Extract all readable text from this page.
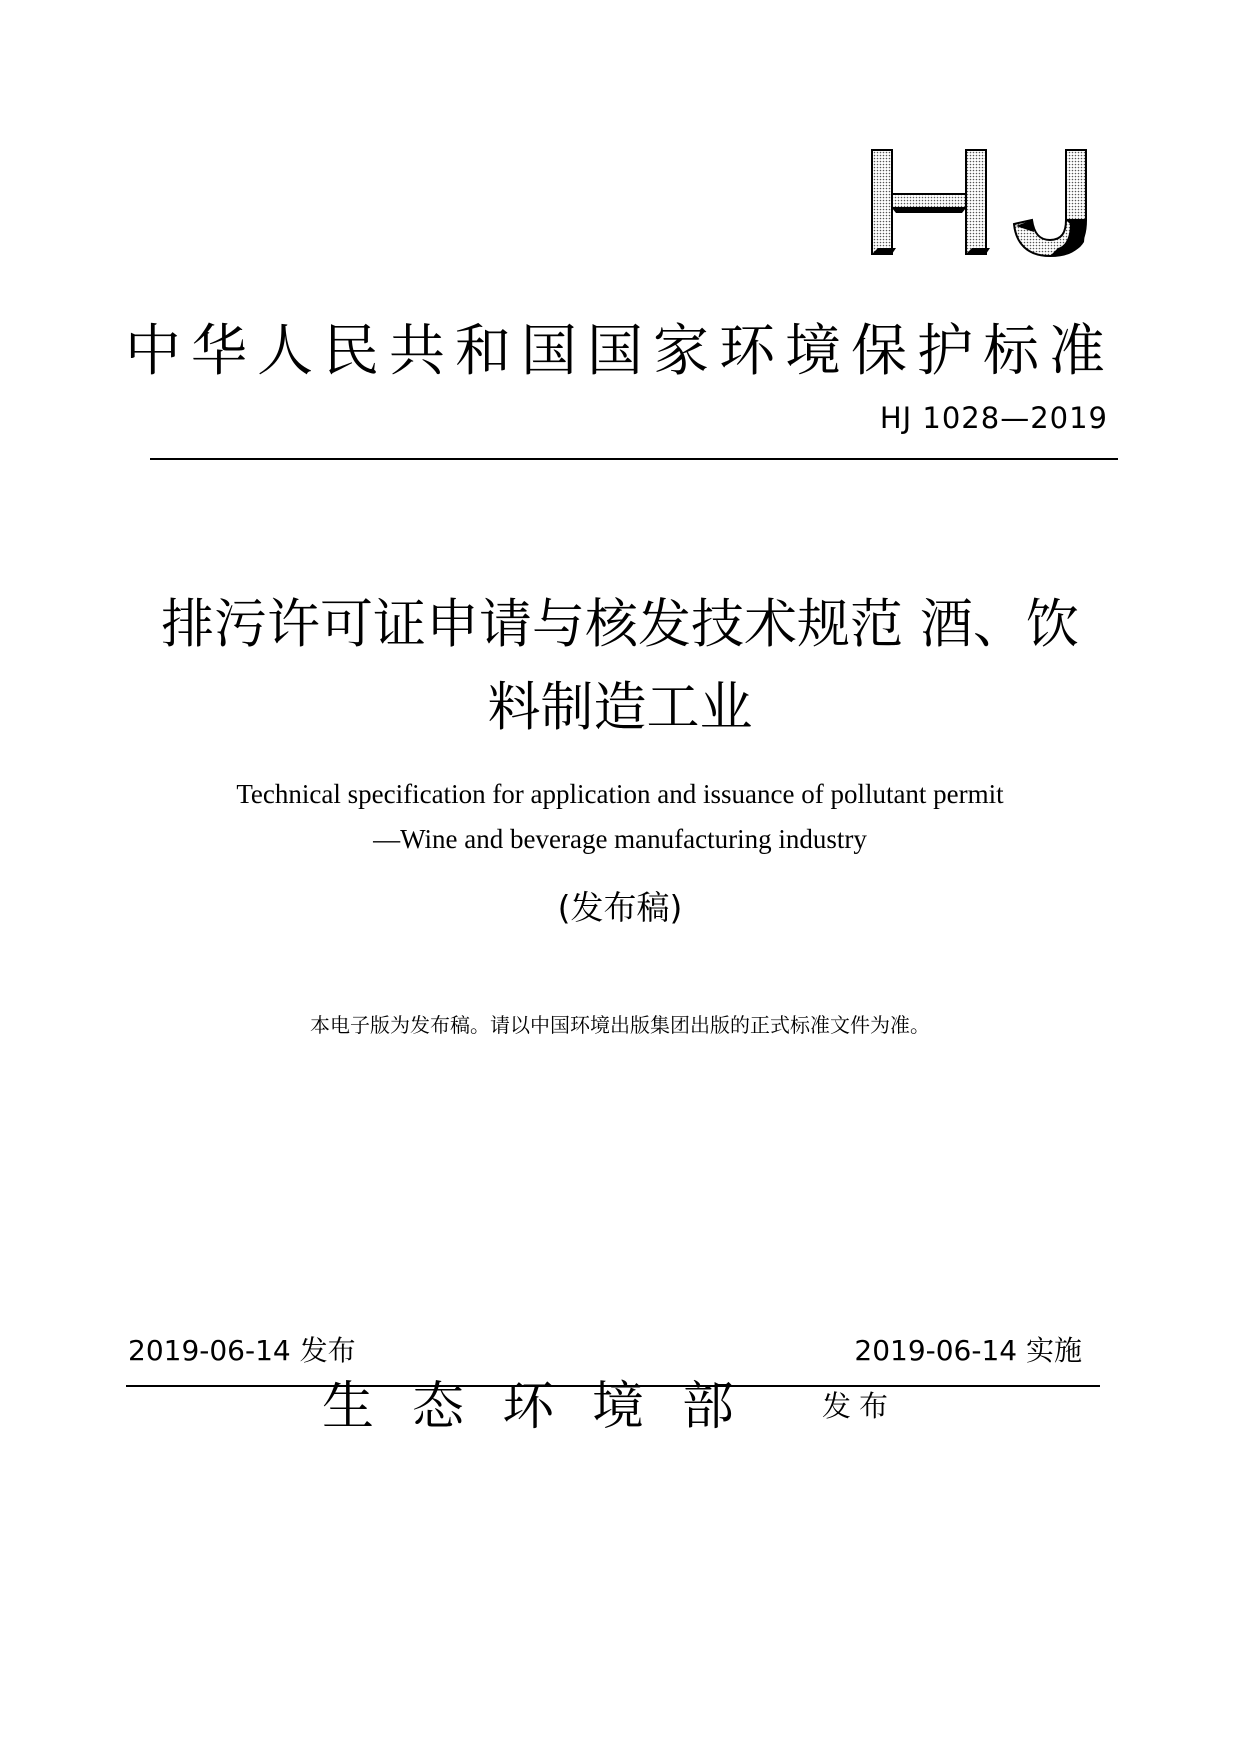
中华人民共和国国家环境保护标准
HJ 1028—2019
排污许可证申请与核发技术规范 酒、饮
料制造工业
Technical specification for application and issuance of pollutant permit
—Wine and beverage manufacturing industry
(发布稿)
本电子版为发布稿。请以中国环境出版集团出版的正式标准文件为准。
2019-06-14 发布	2019-06-14 实施
生态环境部 发布
